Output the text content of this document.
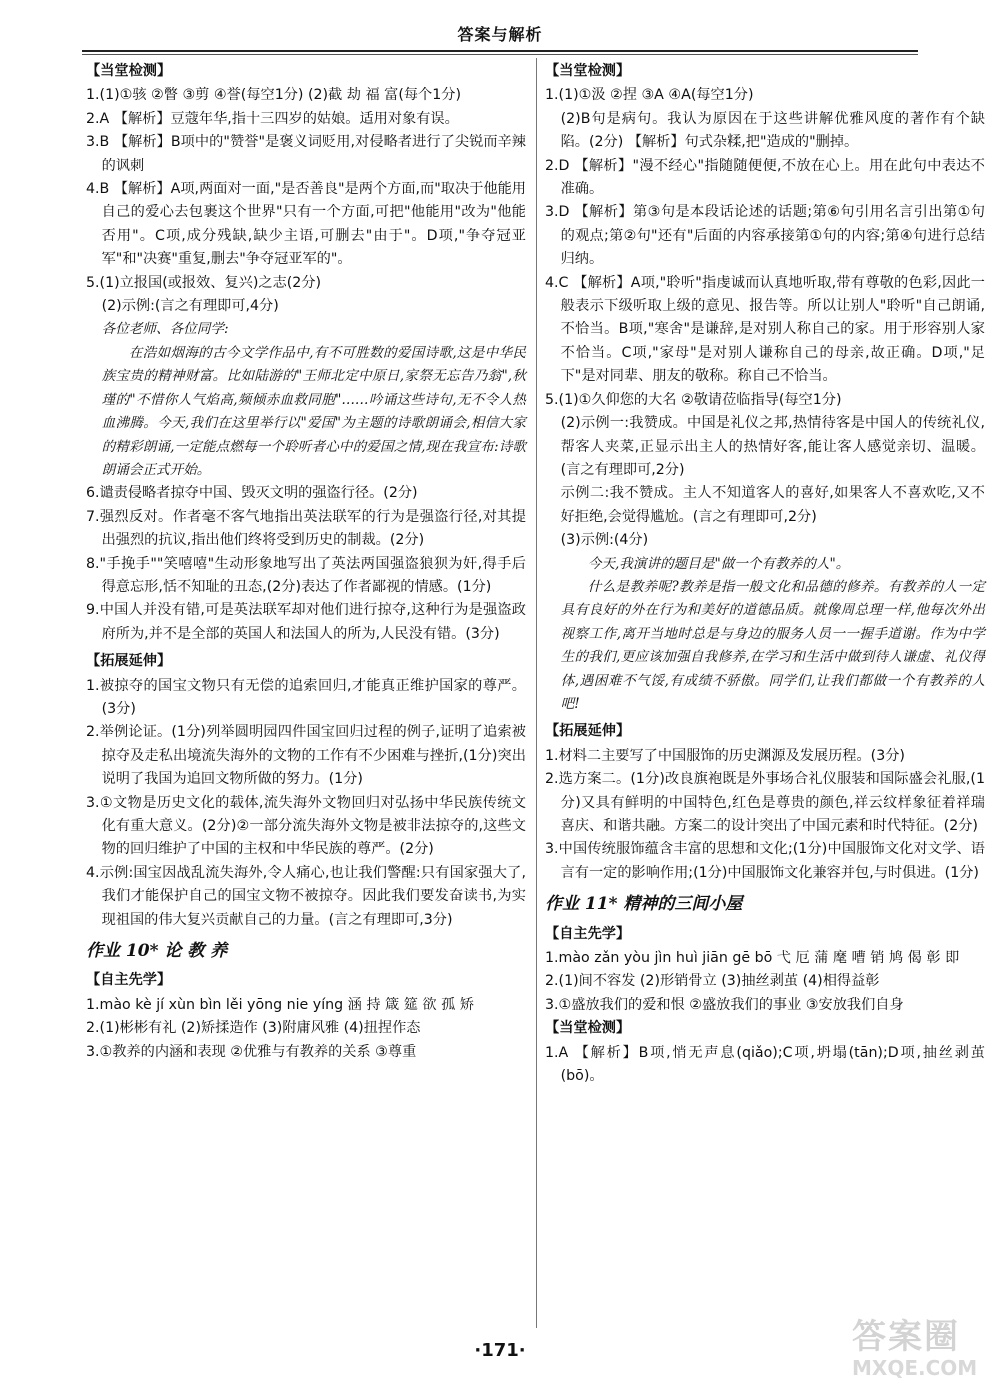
答案与解析
【当堂检测】

1.(1)①骇 ②瞥 ③剪 ④誉(每空1分) (2)截 劫 福 富(每个1分)

2.A 【解析】豆蔻年华,指十三四岁的姑娘。适用对象有误。

3.B 【解析】B项中的"赞誉"是褒义词贬用,对侵略者进行了尖锐而辛辣的讽刺

4.B 【解析】A项,两面对一面,"是否善良"是两个方面,而"取决于他能用自己的爱心去包裹这个世界"只有一个方面,可把"他能用"改为"他能否用"。C项,成分残缺,缺少主语,可删去"由于"。D项,"争夺冠亚军"和"决赛"重复,删去"争夺冠亚军的"。

5.(1)立报国(或报效、复兴)之志(2分)

(2)示例:(言之有理即可,4分)

各位老师、各位同学:

在浩如烟海的古今文学作品中,有不可胜数的爱国诗歌,这是中华民族宝贵的精神财富。比如陆游的"王师北定中原日,家祭无忘告乃翁",秋瑾的"不惜你人气焰高,频倾赤血救同胞"……吟诵这些诗句,无不令人热血沸腾。今天,我们在这里举行以"爱国"为主题的诗歌朗诵会,相信大家的精彩朗诵,一定能点燃每一个聆听者心中的爱国之情,现在我宣布:诗歌朗诵会正式开始。

6.谴责侵略者掠夺中国、毁灭文明的强盗行径。(2分)

7.强烈反对。作者毫不客气地指出英法联军的行为是强盗行径,对其提出强烈的抗议,指出他们终将受到历史的制裁。(2分)

8."手挽手""笑嘻嘻"生动形象地写出了英法两国强盗狼狈为奸,得手后得意忘形,恬不知耻的丑态,(2分)表达了作者鄙视的情感。(1分)

9.中国人并没有错,可是英法联军却对他们进行掠夺,这种行为是强盗政府所为,并不是全部的英国人和法国人的所为,人民没有错。(3分)

【拓展延伸】

1.被掠夺的国宝文物只有无偿的追索回归,才能真正维护国家的尊严。(3分)

2.举例论证。(1分)列举圆明园四件国宝回归过程的例子,证明了追索被掠夺及走私出境流失海外的文物的工作有不少困难与挫折,(1分)突出说明了我国为追回文物所做的努力。(1分)

3.①文物是历史文化的载体,流失海外文物回归对弘扬中华民族传统文化有重大意义。(2分)②一部分流失海外文物是被非法掠夺的,这些文物的回归维护了中国的主权和中华民族的尊严。(2分)

4.示例:国宝因战乱流失海外,令人痛心,也让我们警醒:只有国家强大了,我们才能保护自己的国宝文物不被掠夺。因此我们要发奋读书,为实现祖国的伟大复兴贡献自己的力量。(言之有理即可,3分)

作业 10* 论 教 养
【自主先学】

1.mào kè jí xùn bìn lěi yōng nie yíng 涵 持 箴 筵 欲 孤 矫

2.(1)彬彬有礼 (2)矫揉造作 (3)附庸风雅 (4)扭捏作态

3.①教养的内涵和表现 ②优雅与有教养的关系 ③尊重

【当堂检测】

1.(1)①汲 ②捏 ③A ④A(每空1分)

(2)B句是病句。我认为原因在于这些讲解优雅风度的著作有个缺陷。(2分) 【解析】句式杂糅,把"造成的"删掉。

2.D 【解析】"漫不经心"指随随便便,不放在心上。用在此句中表达不准确。

3.D 【解析】第③句是本段话论述的话题;第⑥句引用名言引出第①句的观点;第②句"还有"后面的内容承接第①句的内容;第④句进行总结归纳。

4.C 【解析】A项,"聆听"指虔诚而认真地听取,带有尊敬的色彩,因此一般表示下级听取上级的意见、报告等。所以让别人"聆听"自己朗诵,不恰当。B项,"寒舍"是谦辞,是对别人称自己的家。用于形容别人家不恰当。C项,"家母"是对别人谦称自己的母亲,故正确。D项,"足下"是对同辈、朋友的敬称。称自己不恰当。

5.(1)①久仰您的大名 ②敬请莅临指导(每空1分)

(2)示例一:我赞成。中国是礼仪之邦,热情待客是中国人的传统礼仪,帮客人夹菜,正显示出主人的热情好客,能让客人感觉亲切、温暖。(言之有理即可,2分)

示例二:我不赞成。主人不知道客人的喜好,如果客人不喜欢吃,又不好拒绝,会觉得尴尬。(言之有理即可,2分)

(3)示例:(4分)

今天,我演讲的题目是"做一个有教养的人"。

什么是教养呢?教养是指一般文化和品德的修养。有教养的人一定具有良好的外在行为和美好的道德品质。就像周总理一样,他每次外出视察工作,离开当地时总是与身边的服务人员一一握手道谢。作为中学生的我们,更应该加强自我修养,在学习和生活中做到待人谦虚、礼仪得体,遇困难不气馁,有成绩不骄傲。同学们,让我们都做一个有教养的人吧!

【拓展延伸】

1.材料二主要写了中国服饰的历史渊源及发展历程。(3分)

2.选方案二。(1分)改良旗袍既是外事场合礼仪服装和国际盛会礼服,(1分)又具有鲜明的中国特色,红色是尊贵的颜色,祥云纹样象征着祥瑞喜庆、和谐共融。方案二的设计突出了中国元素和时代特征。(2分)

3.中国传统服饰蕴含丰富的思想和文化;(1分)中国服饰文化对文学、语言有一定的影响作用;(1分)中国服饰文化兼容并包,与时俱进。(1分)

作业 11* 精神的三间小屋
【自主先学】

1.mào zǎn yòu jìn huì jiān gē bō 弋 厄 蒲 麾 嘈 销 鸠 偈 彰 即

2.(1)间不容发 (2)形销骨立 (3)抽丝剥茧 (4)相得益彰

3.①盛放我们的爱和恨 ②盛放我们的事业 ③安放我们自身

【当堂检测】

1.A 【解析】B项,悄无声息(qiǎo);C项,坍塌(tān);D项,抽丝剥茧(bō)。

·171·	答案圈
MXQE.COM
